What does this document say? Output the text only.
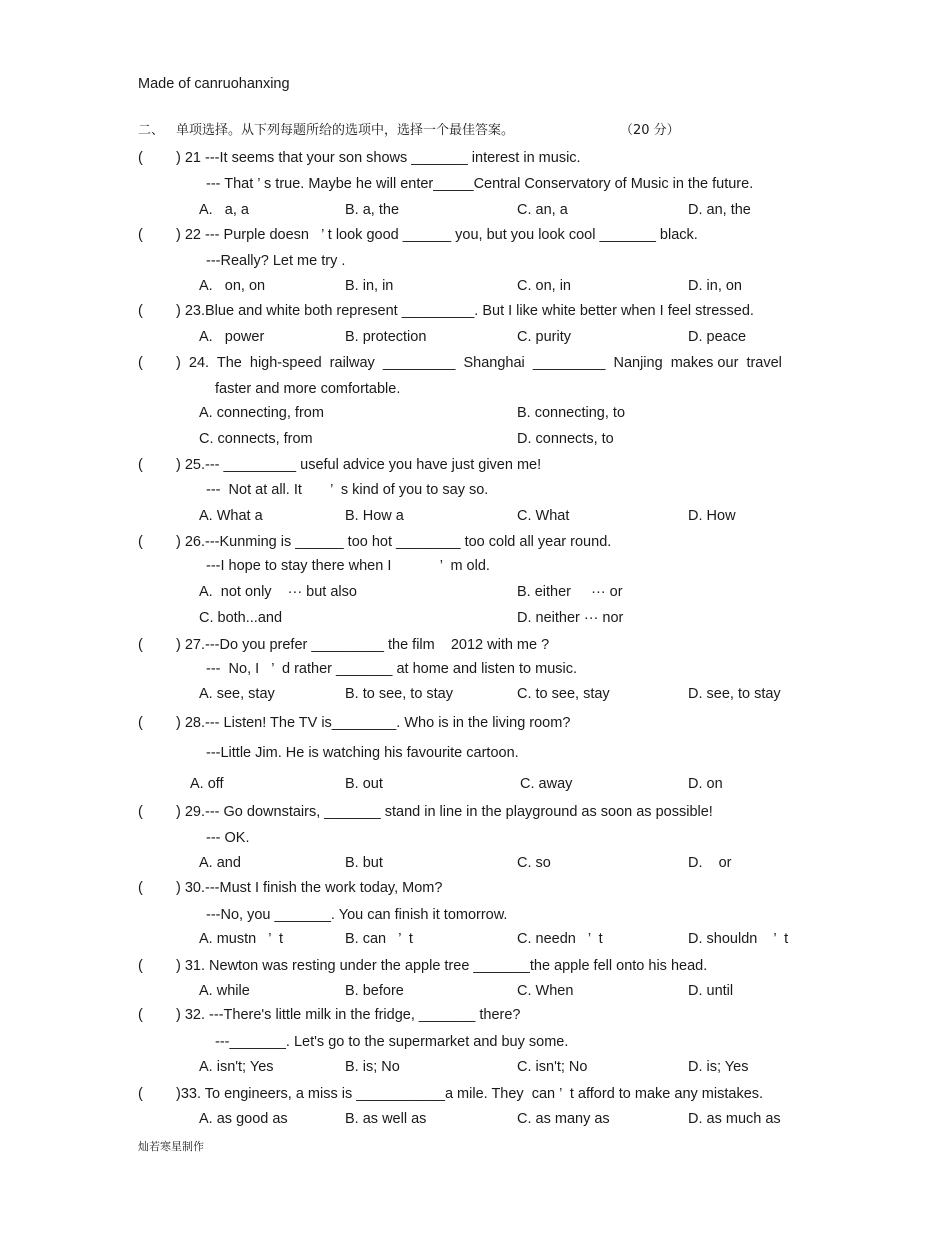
Made of canruohanxing
二、 单项选择。从下列每题所给的选项中，选择一个最佳答案。	（20 分）
( ) 21 ---It seems that your son shows _______ interest in music.
--- That ’ s true. Maybe he will enter_____Central Conservatory of Music in the future.
A.   a, a	B. a, the	C. an, a	D. an, the
( ) 22 --- Purple doesn   ’ t look good ______ you, but you look cool _______ black.
---Really? Let me try .
A.   on, on	B. in, in	C. on, in	D. in, on
( ) 23.Blue and white both represent _________. But I like white better when I feel stressed.
A.   power	B. protection	C. purity	D. peace
( )  24.  The  high-speed  railway  _________  Shanghai  _________  Nanjing  makes our  travel
faster and more comfortable.
A. connecting, from	B. connecting, to
C. connects, from	D. connects, to
( ) 25.--- _________ useful advice you have just given me!
---  Not at all. It       ’  s kind of you to say so.
A. What a	B. How a	C. What	D. How
( ) 26.---Kunming is ______ too hot ________ too cold all year round.
---I hope to stay there when I            ’  m old.
A.  not only    ··· but also	B. either     ··· or
C. both...and	D. neither ··· nor
( ) 27.---Do you prefer _________ the film    2012 with me ?
---  No, I   ’  d rather _______ at home and listen to music.
A. see, stay	B. to see, to stay	C. to see, stay	D. see, to stay
( ) 28.--- Listen! The TV is________. Who is in the living room?
---Little Jim. He is watching his favourite cartoon.
A. off	B. out	C. away	D. on
( ) 29.--- Go downstairs, _______ stand in line in the playground as soon as possible!
--- OK.
A. and	B. but	C. so	D.    or
( ) 30.---Must I finish the work today, Mom?
---No, you _______. You can finish it tomorrow.
A. mustn   ’  t	B. can   ’  t	C. needn   ’  t	D. shouldn    ’  t
( ) 31. Newton was resting under the apple tree _______the apple fell onto his head.
A. while	B. before	C. When	D. until
( ) 32. ---There's little milk in the fridge, _______ there?
---_______. Let's go to the supermarket and buy some.
A. isn't; Yes	B. is; No	C. isn't; No	D. is; Yes
( )33. To engineers, a miss is ___________a mile. They  can ’  t afford to make any mistakes.
A. as good as	B. as well as	C. as many as	D. as much as
灿若寒星制作
